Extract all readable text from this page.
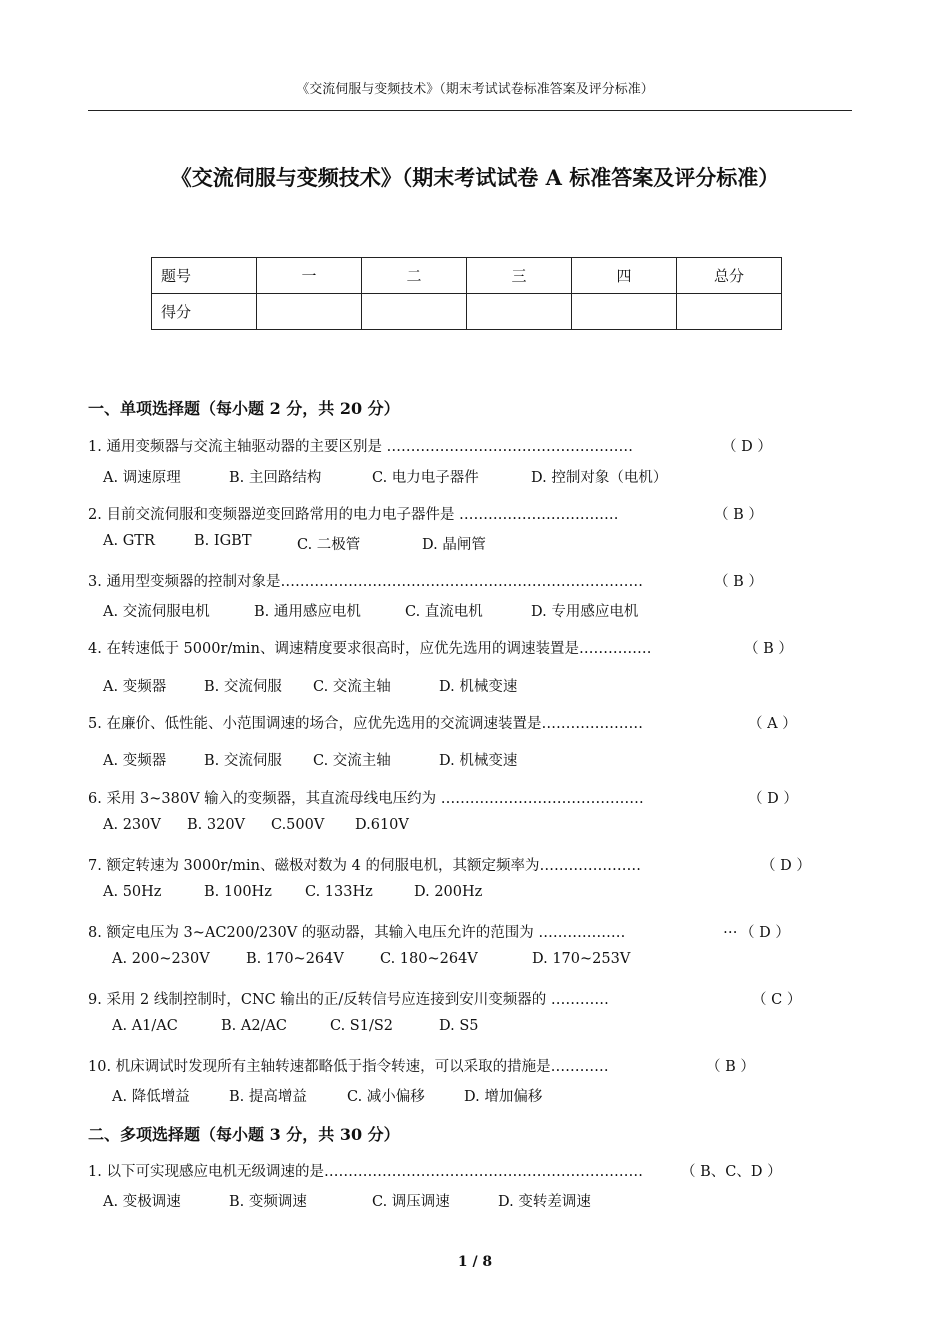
《交流伺服与变频技术》（期末考试试卷标准答案及评分标准）
《交流伺服与变频技术》（期末考试试卷 A 标准答案及评分标准）
题号	一	二	三	四	总分
得分					
一、单项选择题（每小题 2 分，共 20 分）
1. 通用变频器与交流主轴驱动器的主要区别是 ……………………………………………	（ D ）
A. 调速原理	B. 主回路结构	C. 电力电子器件	D. 控制对象（电机）
2. 目前交流伺服和变频器逆变回路常用的电力电子器件是 ……………………………	（ B ）
A. GTR	B. IGBT	C. 二极管	D. 晶闸管
3. 通用型变频器的控制对象是…………………………………………………………………	（ B ）
A. 交流伺服电机	B. 通用感应电机	C. 直流电机	D. 专用感应电机
4. 在转速低于 5000r/min、调速精度要求很高时，应优先选用的调速装置是……………	（ B ）
A. 变频器	B. 交流伺服 C. 交流主轴	D. 机械变速
5. 在廉价、低性能、小范围调速的场合，应优先选用的交流调速装置是…………………	（ A ）
A. 变频器	B. 交流伺服 C. 交流主轴	D. 机械变速
6. 采用 3~380V 输入的变频器，其直流母线电压约为 ……………………………………	（ D ）
A. 230V B. 320V C.500V D.610V
7. 额定转速为 3000r/min、磁极对数为 4 的伺服电机，其额定频率为…………………	（ D ）
A. 50Hz	B. 100Hz C. 133Hz	D. 200Hz
8. 额定电压为 3~AC200/230V 的驱动器，其输入电压允许的范围为 ………………	… （ D ）
A. 200~230V	B. 170~264V C. 180~264V	D. 170~253V
9. 采用 2 线制控制时，CNC 输出的正/反转信号应连接到安川变频器的 …………	（ C ）
A. A1/AC	B. A2/AC	C. S1/S2	D. S5
10. 机床调试时发现所有主轴转速都略低于指令转速，可以采取的措施是…………	（ B ）
A. 降低增益	B. 提高增益	C. 减小偏移	D. 增加偏移
二、多项选择题（每小题 3 分，共 30 分）
1. 以下可实现感应电机无级调速的是…………………………………………………………	（ B、C、D ）
A. 变极调速	B. 变频调速	C. 调压调速	D. 变转差调速
1 / 8
